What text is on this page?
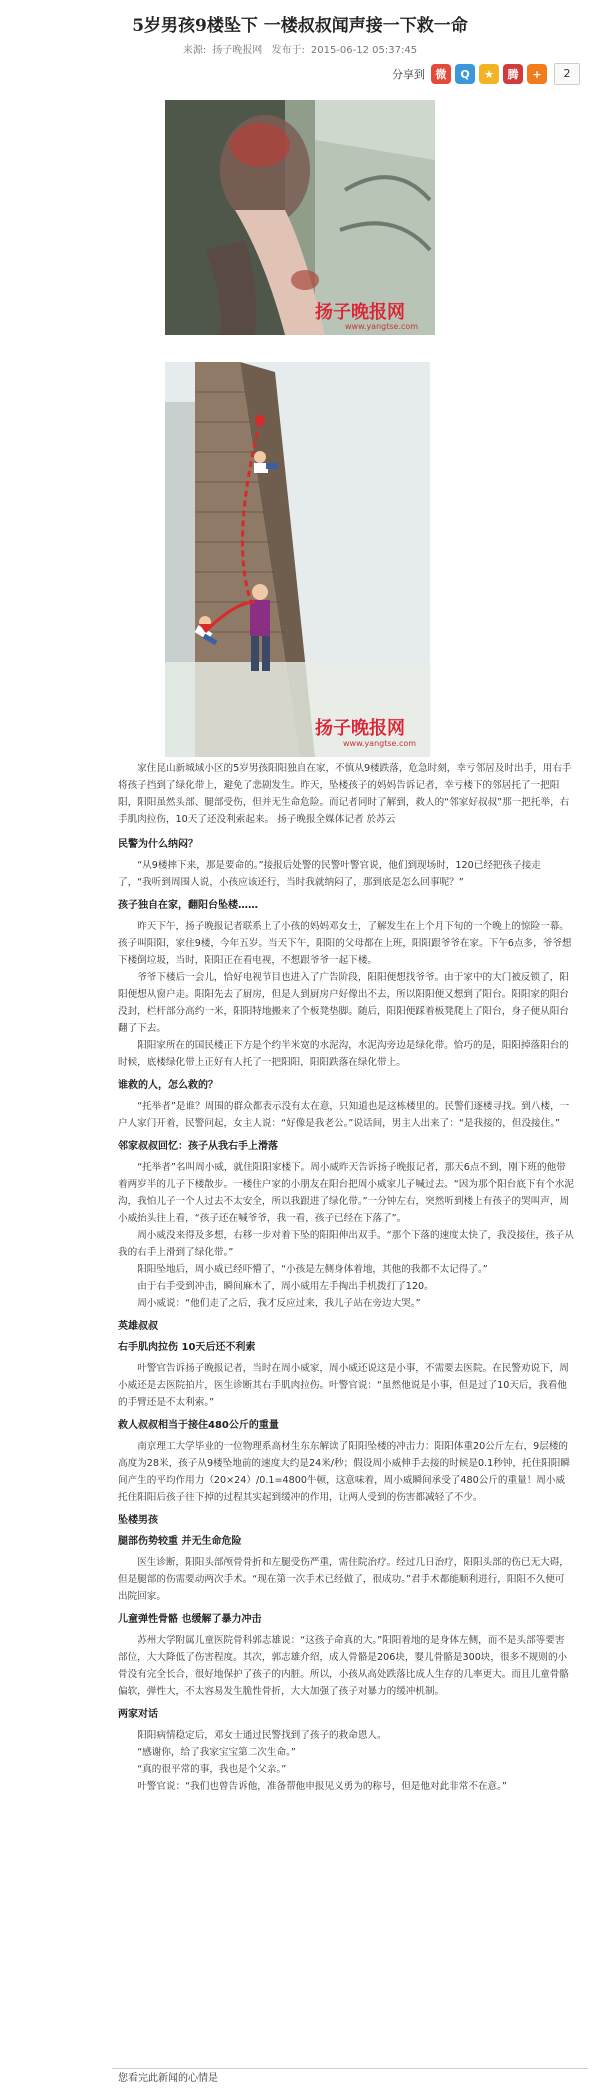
5岁男孩9楼坠下 一楼叔叔闻声接一下救一命
来源: 扬子晚报网 发布于: 2015-06-12 05:37:45
分享到 微	Q	★	腾	+	2
扬子晚报网
www.yangtse.com
扬子晚报网
www.yangtse.com

家住昆山新城域小区的5岁男孩阳阳独自在家，不慎从9楼跌落，危急时刻，幸亏邻居及时出手，用右手将孩子挡到了绿化带上，避免了悲剧发生。昨天，坠楼孩子的妈妈告诉记者，幸亏楼下的邻居托了一把阳阳，阳阳虽然头部、腿部受伤，但并无生命危险。而记者同时了解到，救人的“邻家好叔叔”那一把托举，右手肌肉拉伤，10天了还没利索起来。 扬子晚报全媒体记者 於苏云

民警为什么纳闷？

“从9楼摔下来，那是要命的。”接报后处警的民警叶警官说，他们到现场时，120已经把孩子接走了，“我听到周围人说，小孩应该还行，当时我就纳闷了，那到底是怎么回事呢？”

孩子独自在家，翻阳台坠楼……

昨天下午，扬子晚报记者联系上了小孩的妈妈邓女士，了解发生在上个月下旬的一个晚上的惊险一幕。孩子叫阳阳，家住9楼，今年五岁。当天下午，阳阳的父母都在上班，阳阳跟爷爷在家。下午6点多，爷爷想下楼倒垃圾，当时，阳阳正在看电视，不想跟爷爷一起下楼。

爷爷下楼后一会儿，恰好电视节目也进入了广告阶段，阳阳便想找爷爷。由于家中的大门被反锁了，阳阳便想从窗户走。阳阳先去了厨房，但是人到厨房户好像出不去，所以阳阳便又想到了阳台。阳阳家的阳台没封，栏杆部分高约一米，阳阳特地搬来了个板凳垫脚。随后，阳阳便踩着板凳爬上了阳台，身子便从阳台翻了下去。

阳阳家所在的国民楼正下方是个约半米宽的水泥沟，水泥沟旁边是绿化带。恰巧的是，阳阳掉落阳台的时候，底楼绿化带上正好有人托了一把阳阳，阳阳跌落在绿化带上。

谁救的人，怎么救的？

“托举者”是谁？周围的群众都表示没有太在意，只知道也是这栋楼里的。民警们逐楼寻找。到八楼，一户人家门开着，民警问起，女主人说：“好像是我老公。”说话间，男主人出来了：“是我接的，但没接住。”

邻家叔叔回忆：孩子从我右手上滑落

“托举者”名叫周小威，就住阳阳家楼下。周小威昨天告诉扬子晚报记者，那天6点不到，刚下班的他带着两岁半的儿子下楼散步。一楼住户家的小朋友在阳台把周小威家儿子喊过去。“因为那个阳台底下有个水泥沟，我怕儿子一个人过去不太安全，所以我跟进了绿化带。”一分钟左右，突然听到楼上有孩子的哭叫声，周小威抬头往上看，“孩子还在喊爷爷，我一看，孩子已经在下落了”。

周小威没来得及多想，右移一步对着下坠的阳阳伸出双手。“那个下落的速度太快了，我没接住，孩子从我的右手上滑到了绿化带。”

阳阳坠地后，周小威已经吓懵了，“小孩是左侧身体着地，其他的我都不太记得了。”

由于右手受到冲击，瞬间麻木了，周小威用左手掏出手机拨打了120。

周小威说：“他们走了之后，我才反应过来，我儿子站在旁边大哭。”

英雄叔叔

右手肌肉拉伤 10天后还不利索

叶警官告诉扬子晚报记者，当时在周小威家，周小威还说这是小事，不需要去医院。在民警劝说下，周小威还是去医院拍片，医生诊断其右手肌肉拉伤。叶警官说：“虽然他说是小事，但是过了10天后，我看他的手臂还是不太利索。”

救人叔叔相当于接住480公斤的重量

南京理工大学毕业的一位物理系高材生东东解读了阳阳坠楼的冲击力：阳阳体重20公斤左右，9层楼的高度为28米，孩子从9楼坠地前的速度大约是24米/秒；假设周小威伸手去接的时候是0.1秒钟，托住阳阳瞬间产生的平均作用力（20×24）/0.1=4800牛顿，这意味着，周小威瞬间承受了480公斤的重量！周小威托住阳阳后孩子往下掉的过程其实起到缓冲的作用，让两人受到的伤害都减轻了不少。

坠楼男孩

腿部伤势较重 并无生命危险

医生诊断，阳阳头部颅骨骨折和左腿受伤严重，需住院治疗。经过几日治疗，阳阳头部的伤已无大碍，但是腿部的伤需要动两次手术。“现在第一次手术已经做了，很成功。”君手术都能顺利进行，阳阳不久便可出院回家。

儿童弹性骨骼 也缓解了暴力冲击

苏州大学附属儿童医院骨科郭志雄说：“这孩子命真的大。”阳阳着地的是身体左侧，而不是头部等要害部位，大大降低了伤害程度。其次，郭志雄介绍，成人骨骼是206块，婴儿骨骼是300块，很多不规则的小骨没有完全长合，很好地保护了孩子的内脏。所以，小孩从高处跌落比成人生存的几率更大。而且儿童骨骼偏软，弹性大，不太容易发生脆性骨折，大大加强了孩子对暴力的缓冲机制。

两家对话

阳阳病情稳定后，邓女士通过民警找到了孩子的救命恩人。

“感谢你，给了我家宝宝第二次生命。”

“真的很平常的事，我也是个父亲。”

叶警官说：“我们也曾告诉他，准备帮他申报见义勇为的称号，但是他对此非常不在意。”

您看完此新闻的心情是
